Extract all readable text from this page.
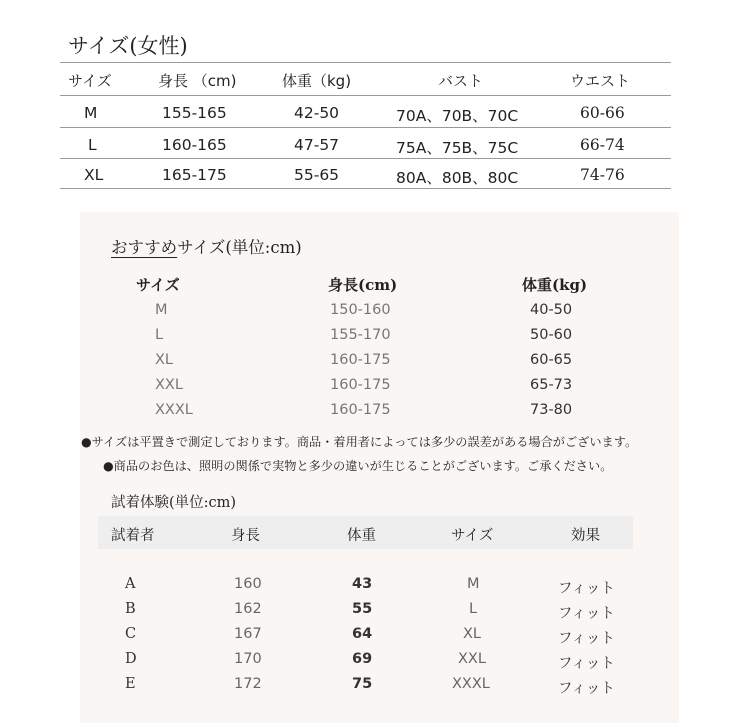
サイズ(女性)
サイズ	身長 （cm)	体重（kg)	バスト	ウエスト
M	155-165	42-50	70A、70B、70C	60-66
L	160-165	47-57	75A、75B、75C	66-74
XL	165-175	55-65	80A、80B、80C	74-76
おすすめサイズ(単位:cm)
サイズ	身長(cm)	体重(kg)
M	150-160	40-50
L	155-170	50-60
XL	160-175	60-65
XXL	160-175	65-73
XXXL	160-175	73-80
●サイズは平置きで測定しております。商品・着用者によっては多少の誤差がある場合がございます。
●商品のお色は、照明の関係で実物と多少の違いが生じることがございます。ご承ください。
試着体験(単位:cm)
試着者	身長	体重	サイズ	効果
A	160	43	M	フィット
B	162	55	L	フィット
C	167	64	XL	フィット
D	170	69	XXL	フィット
E	172	75	XXXL	フィット
